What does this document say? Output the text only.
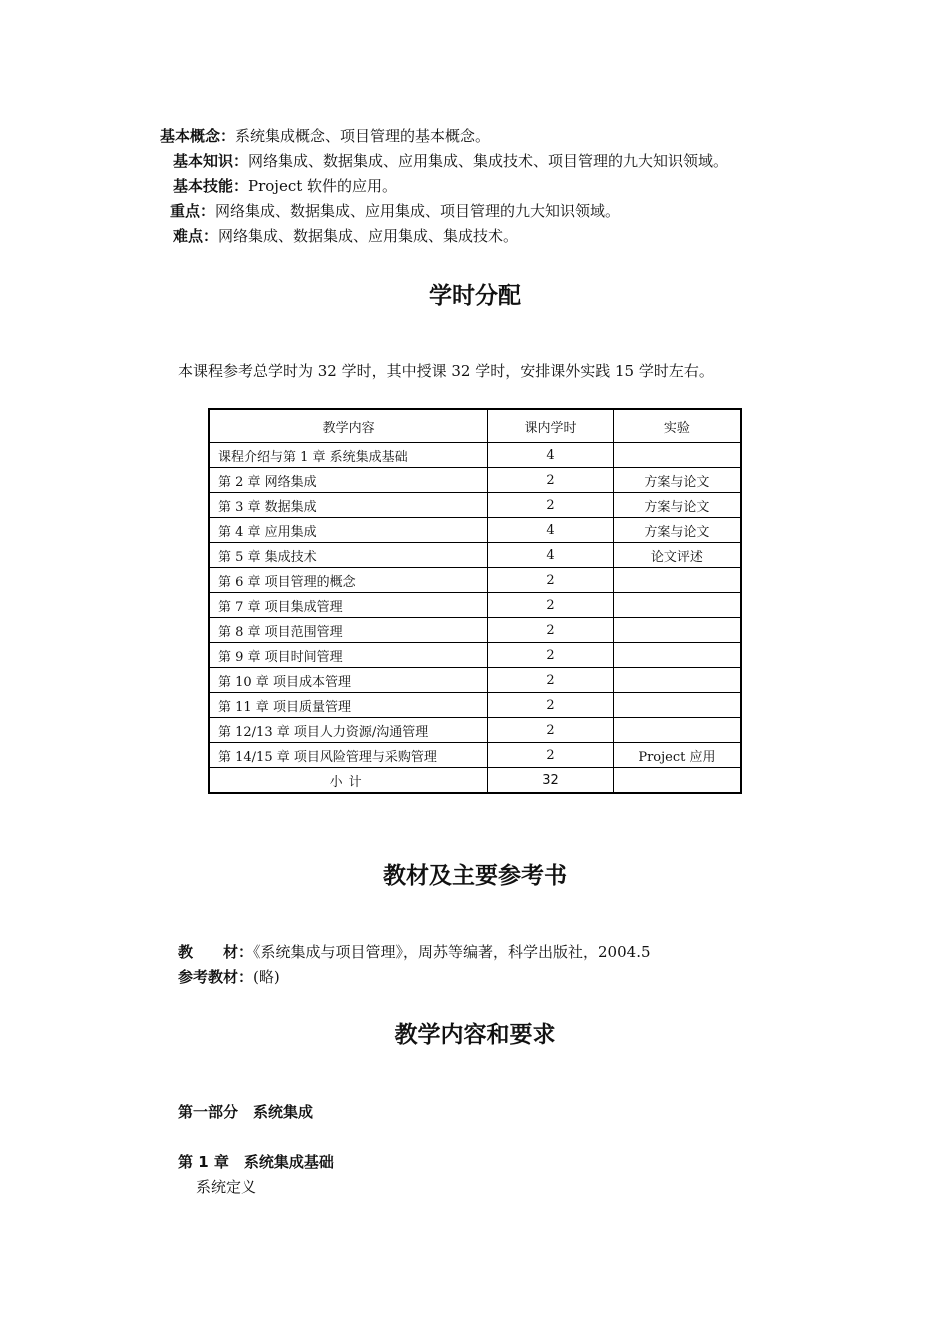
基本概念：系统集成概念、项目管理的基本概念。
基本知识：网络集成、数据集成、应用集成、集成技术、项目管理的九大知识领域。
基本技能：Project 软件的应用。
重点：网络集成、数据集成、应用集成、项目管理的九大知识领域。
难点：网络集成、数据集成、应用集成、集成技术。
学时分配
本课程参考总学时为 32 学时，其中授课 32 学时，安排课外实践 15 学时左右。
教学内容	课内学时	实验
课程介绍与第 1 章 系统集成基础	4	
第 2 章 网络集成	2	方案与论文
第 3 章 数据集成	2	方案与论文
第 4 章 应用集成	4	方案与论文
第 5 章 集成技术	4	论文评述
第 6 章 项目管理的概念	2	
第 7 章 项目集成管理	2	
第 8 章 项目范围管理	2	
第 9 章 项目时间管理	2	
第 10 章 项目成本管理	2	
第 11 章 项目质量管理	2	
第 12/13 章 项目人力资源/沟通管理	2	
第 14/15 章 项目风险管理与采购管理	2	Project 应用
小计	32	
教材及主要参考书
教　　材：《系统集成与项目管理》，周苏等编著，科学出版社，2004.5
参考教材：(略)
教学内容和要求
第一部分　系统集成
第 1 章　系统集成基础
系统定义
